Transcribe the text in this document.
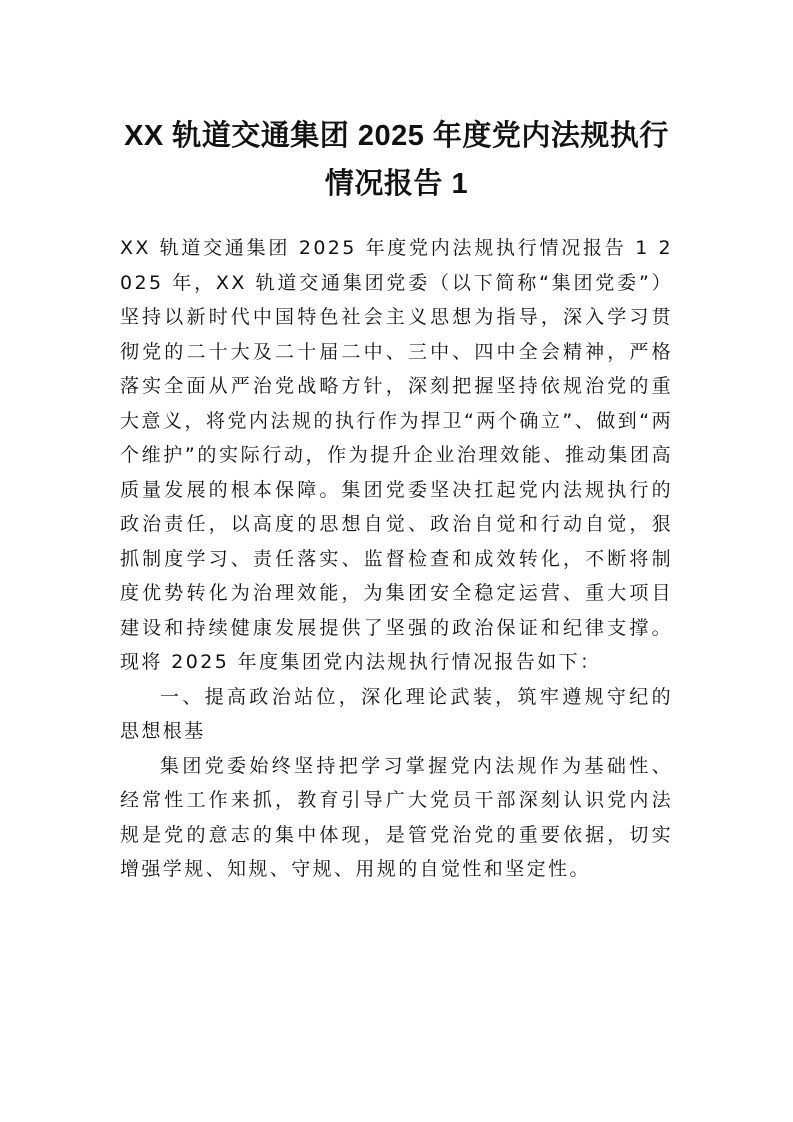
XX 轨道交通集团 2025 年度党内法规执行情况报告 1

XX 轨道交通集团 2025 年度党内法规执行情况报告 1 2025 年，XX 轨道交通集团党委（以下简称“集团党委”）坚持以新时代中国特色社会主义思想为指导，深入学习贯彻党的二十大及二十届二中、三中、四中全会精神，严格落实全面从严治党战略方针，深刻把握坚持依规治党的重大意义，将党内法规的执行作为捍卫“两个确立”、做到“两个维护”的实际行动，作为提升企业治理效能、推动集团高质量发展的根本保障。集团党委坚决扛起党内法规执行的政治责任，以高度的思想自觉、政治自觉和行动自觉，狠抓制度学习、责任落实、监督检查和成效转化，不断将制度优势转化为治理效能，为集团安全稳定运营、重大项目建设和持续健康发展提供了坚强的政治保证和纪律支撑。现将 2025 年度集团党内法规执行情况报告如下：

一、提高政治站位，深化理论武装，筑牢遵规守纪的思想根基

集团党委始终坚持把学习掌握党内法规作为基础性、经常性工作来抓，教育引导广大党员干部深刻认识党内法规是党的意志的集中体现，是管党治党的重要依据，切实增强学规、知规、守规、用规的自觉性和坚定性。
